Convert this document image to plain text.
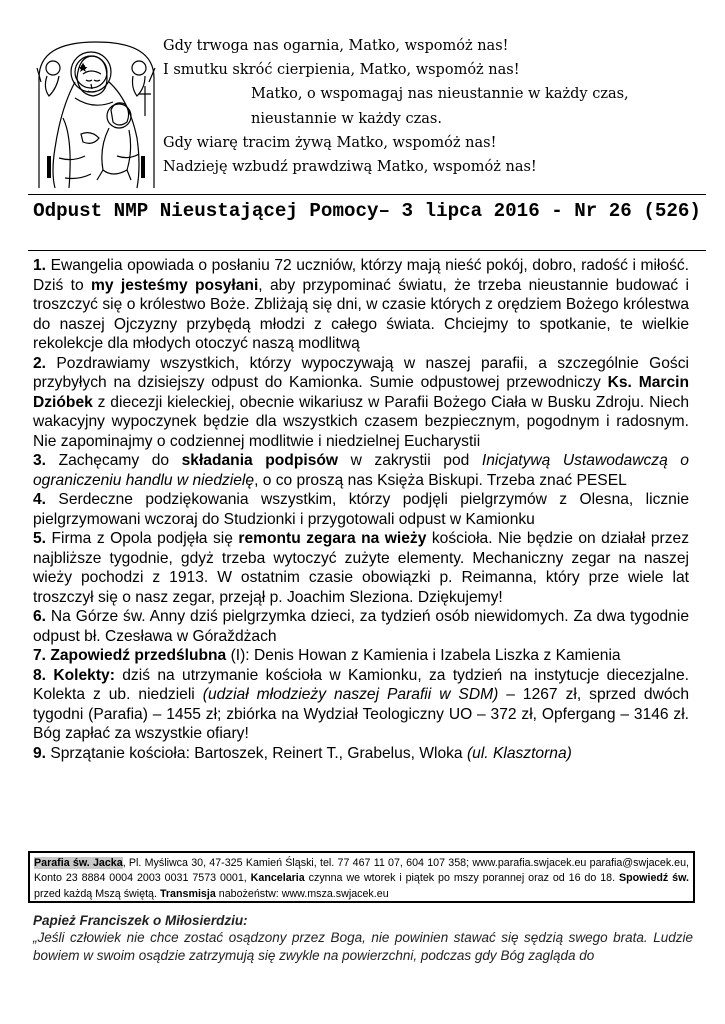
Gdy trwoga nas ogarnia, Matko, wspomóż nas!
I smutku skróć cierpienia, Matko, wspomóż nas!
Matko, o wspomagaj nas nieustannie w każdy czas,
nieustannie w każdy czas.
Gdy wiarę tracim żywą Matko, wspomóż nas!
Nadzieję wzbudź prawdziwą Matko, wspomóż nas!
Odpust NMP Nieustającej Pomocy– 3 lipca 2016 - Nr 26 (526)

1. Ewangelia opowiada o posłaniu 72 uczniów, którzy mają nieść pokój, dobro, radość i miłość. Dziś to my jesteśmy posyłani, aby przypominać światu, że trzeba nieustannie budować i troszczyć się o królestwo Boże. Zbliżają się dni, w czasie których z orędziem Bożego królestwa do naszej Ojczyzny przybędą młodzi z całego świata. Chciejmy to spotkanie, te wielkie rekolekcje dla młodych otoczyć naszą modlitwą

2. Pozdrawiamy wszystkich, którzy wypoczywają w naszej parafii, a szczególnie Gości przybyłych na dzisiejszy odpust do Kamionka. Sumie odpustowej przewodniczy Ks. Marcin Dzióbek z diecezji kieleckiej, obecnie wikariusz w Parafii Bożego Ciała w Busku Zdroju. Niech wakacyjny wypoczynek będzie dla wszystkich czasem bezpiecznym, pogodnym i radosnym. Nie zapominajmy o codziennej modlitwie i niedzielnej Eucharystii

3. Zachęcamy do składania podpisów w zakrystii pod Inicjatywą Ustawodawczą o ograniczeniu handlu w niedzielę, o co proszą nas Księża Biskupi. Trzeba znać PESEL

4. Serdeczne podziękowania wszystkim, którzy podjęli pielgrzymów z Olesna, licznie pielgrzymowani wczoraj do Studzionki i przygotowali odpust w Kamionku

5. Firma z Opola podjęła się remontu zegara na wieży kościoła. Nie będzie on działał przez najbliższe tygodnie, gdyż trzeba wytoczyć zużyte elementy. Mechaniczny zegar na naszej wieży pochodzi z 1913. W ostatnim czasie obowiązki p. Reimanna, który prze wiele lat troszczył się o nasz zegar, przejął p. Joachim Sleziona. Dziękujemy!

6. Na Górze św. Anny dziś pielgrzymka dzieci, za tydzień osób niewidomych. Za dwa tygodnie odpust bł. Czesława w Góraždżach

7. Zapowiedź przedślubna (I): Denis Howan z Kamienia i Izabela Liszka z Kamienia

8. Kolekty: dziś na utrzymanie kościoła w Kamionku, za tydzień na instytucje diecezjalne. Kolekta z ub. niedzieli (udział młodzieży naszej Parafii w SDM) – 1267 zł, sprzed dwóch tygodni (Parafia) – 1455 zł; zbiórka na Wydział Teologiczny UO – 372 zł, Opfergang – 3146 zł. Bóg zapłać za wszystkie ofiary!

9. Sprzątanie kościoła: Bartoszek, Reinert T., Grabelus, Wloka (ul. Klasztorna)

Parafia św. Jacka, Pl. Myśliwca 30, 47-325 Kamień Śląski, tel. 77 467 11 07, 604 107 358; www.parafia.swjacek.eu parafia@swjacek.eu, Konto 23 8884 0004 2003 0031 7573 0001, Kancelaria czynna we wtorek i piątek po mszy porannej oraz od 16 do 18. Spowiedź św. przed każdą Mszą świętą. Transmisja nabożeństw: www.msza.swjacek.eu
Papież Franciszek o Miłosierdziu:
„Jeśli człowiek nie chce zostać osądzony przez Boga, nie powinien stawać się sędzią swego brata. Ludzie bowiem w swoim osądzie zatrzymują się zwykle na powierzchni, podczas gdy Bóg zagląda do
